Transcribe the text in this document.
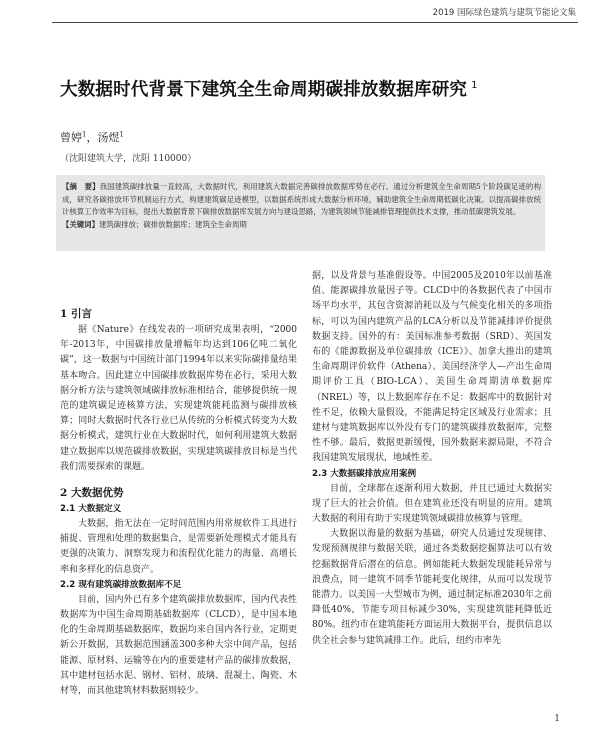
2019 国际绿色建筑与建筑节能论文集
大数据时代背景下建筑全生命周期碳排放数据库研究 $^1$
曾婷$^1$，汤煜$^1$
（沈阳建筑大学，沈阳 110000）
【摘　要】我国建筑碳排放量一直较高，大数据时代，利用建筑大数据完善碳排放数据库势在必行。通过分析建筑全生命周期5个阶段碳足迹的构成，研究各碳排放环节机制运行方式，构建建筑碳足迹模型，以数据系统形成大数据分析环境，辅助建筑全生命周期低碳化决策。以提高碳排放统计核算工作效率为目标，提出大数据背景下碳排放数据库发展方向与建设思路，为建筑领域节能减排管理提供技术支撑，推动低碳建筑发展。
【关键词】建筑碳排放；碳排放数据库；建筑全生命周期
1 引言

据《Nature》在线发表的一项研究成果表明，“2000年-2013年，中国碳排放量增幅年均达到106亿吨二氧化碳”，这一数据与中国统计部门1994年以来实际碳排量结果基本吻合。因此建立中国碳排放数据库势在必行，采用大数据分析方法与建筑领域碳排放标准相结合，能够提供统一规范的建筑碳足迹核算方法，实现建筑能耗监测与碳排放核算；同时大数据时代各行业已从传统的分析模式转变为大数据分析模式，建筑行业在大数据时代，如何利用建筑大数据建立数据库以规范碳排放数据，实现建筑碳排放目标是当代我们需要探索的课题。

2 大数据优势
2.1 大数据定义

大数据，指无法在一定时间范围内用常规软件工具进行捕捉、管理和处理的数据集合，是需要新处理模式才能具有更强的决策力、洞察发现力和流程优化能力的海量、高增长率和多样化的信息资产。

2.2 现有建筑碳排放数据库不足

目前，国内外已有多个建筑碳排放数据库，国内代表性数据库为中国生命周期基础数据库（CLCD），是中国本地化的生命周期基础数据库，数据均来自国内各行业，定期更新公开数据，其数据范围涵盖300多种大宗中间产品，包括能源、原材料、运输等在内的重要建材产品的碳排放数据，其中建材包括水泥、钢材、铝材、玻璃、混凝土、陶瓷、木材等，而其他建筑材料数据则较少。

据，以及背景与基准假设等。中国2005及2010年以前基准值、能源碳排放量因子等。CLCD中的各数据代表了中国市场平均水平，其包含资源消耗以及与气候变化相关的多项指标，可以为国内建筑产品的LCA分析以及节能减排评价提供数据支持。国外的有：美国标准参考数据（SRD）、英国发布的《能源数据及单位碳排放（ICE）》、加拿大推出的建筑生命周期评价软件（Athena）、美国经济学人—产出生命周期评价工具（BIO-LCA）、美国生命周期清单数据库（NREL）等，以上数据库存在不足：数据库中的数据针对性不足，依赖大量假设，不能满足特定区域及行业需求；且建材与建筑数据库以外没有专门的建筑碳排放数据库，完整性不够。最后，数据更新缓慢，国外数据来源局限，不符合我国建筑发展现状，地域性差。

2.3 大数据碳排放应用案例

目前，全球都在逐渐利用大数据，并且已通过大数据实现了巨大的社会价值。但在建筑业还没有明显的应用。建筑大数据的利用有助于实现建筑领域碳排放核算与管理。

大数据以海量的数据为基础，研究人员通过发现规律、发现预测规律与数据关联，通过各类数据挖掘算法可以有效挖掘数据背后潜在的信息。例如能耗大数据发现能耗异常与浪费点，同一建筑不同季节能耗变化规律，从而可以发现节能潜力。以美国一大型城市为例，通过制定标准2030年之前降低40%，节能专项目标减少30%，实现建筑能耗降低近80%。纽约市在建筑能耗方面运用大数据平台，提供信息以供全社会参与建筑减排工作。此后，纽约市率先

1
